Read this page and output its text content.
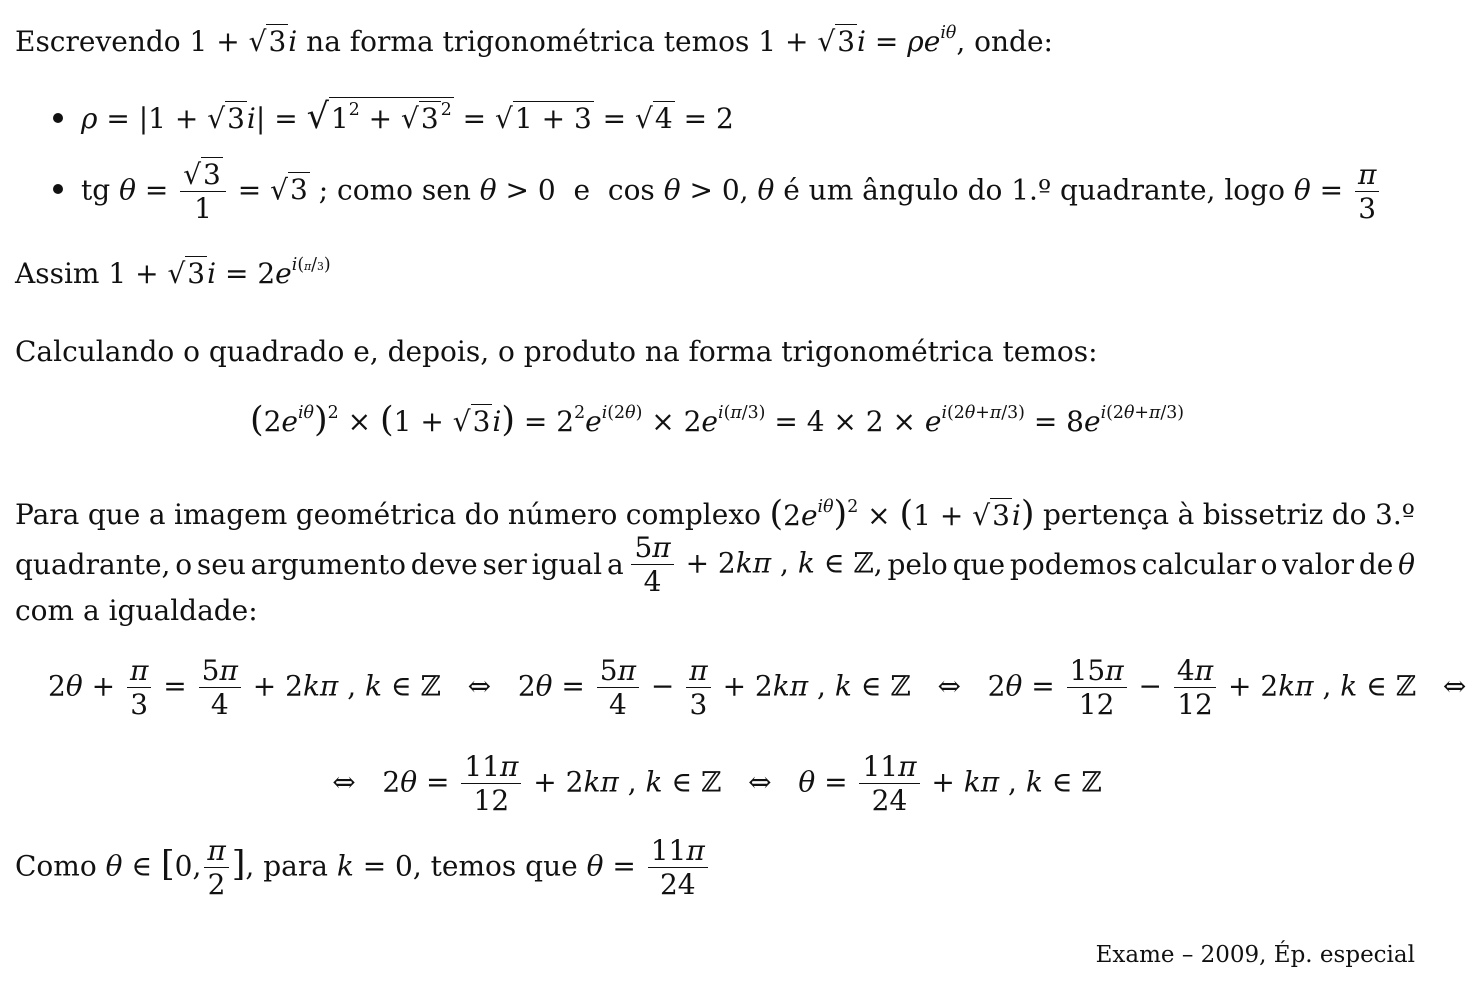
Escrevendo 1 + √3i na forma trigonométrica temos $1 + √3i = \rho e^{i\theta}$, onde:
$\rho = |1 + √3i| = √1^2 + √3$ $^2$ = √1 + 3 = √4 = 2
tg $\theta = \frac{√3}{1} = √3$ ; como sen θ > 0  e  cos θ > 0, θ é um ângulo do 1.º quadrante, logo $\theta = \frac{\pi}{3}$
Assim $1 + √3i = 2e^{i(\pi/3)}$
Calculando o quadrado e, depois, o produto na forma trigonométrica temos:
$(2e^{i\theta})^2 \times (1 + √3i) = 2^2e^{i(2\theta)} \times 2e^{i(\pi/3)} = 4 \times 2 \times e^{i(2\theta+\pi/3)} = 8e^{i(2\theta+\pi/3)}$
Para que a imagem geométrica do número complexo $(2e^{i\theta})^2 \times (1 + √3i)$ pertença à bissetriz do 3.º
quadrante, o seu argumento deve ser igual a $\frac{5\pi}{4} + 2k\pi$ , k ∈ ℤ, pelo que podemos calcular o valor de θ
com a igualdade:
$2\theta + \frac{\pi}{3} = \frac{5\pi}{4} + 2k\pi$ , k ∈ ℤ   ⇔   $2\theta = \frac{5\pi}{4} - \frac{\pi}{3} + 2k\pi$ , k ∈ ℤ   ⇔   $2\theta = \frac{15\pi}{12} - \frac{4\pi}{12} + 2k\pi$ , k ∈ ℤ   ⇔
⇔   $2\theta = \frac{11\pi}{12} + 2k\pi$ , k ∈ ℤ   ⇔   $\theta = \frac{11\pi}{24} + k\pi$ , k ∈ ℤ
Como θ ∈ [0, $\frac{\pi}{2}$ ], para k = 0, temos que $\theta = \frac{11\pi}{24}$
Exame – 2009, Ép. especial
